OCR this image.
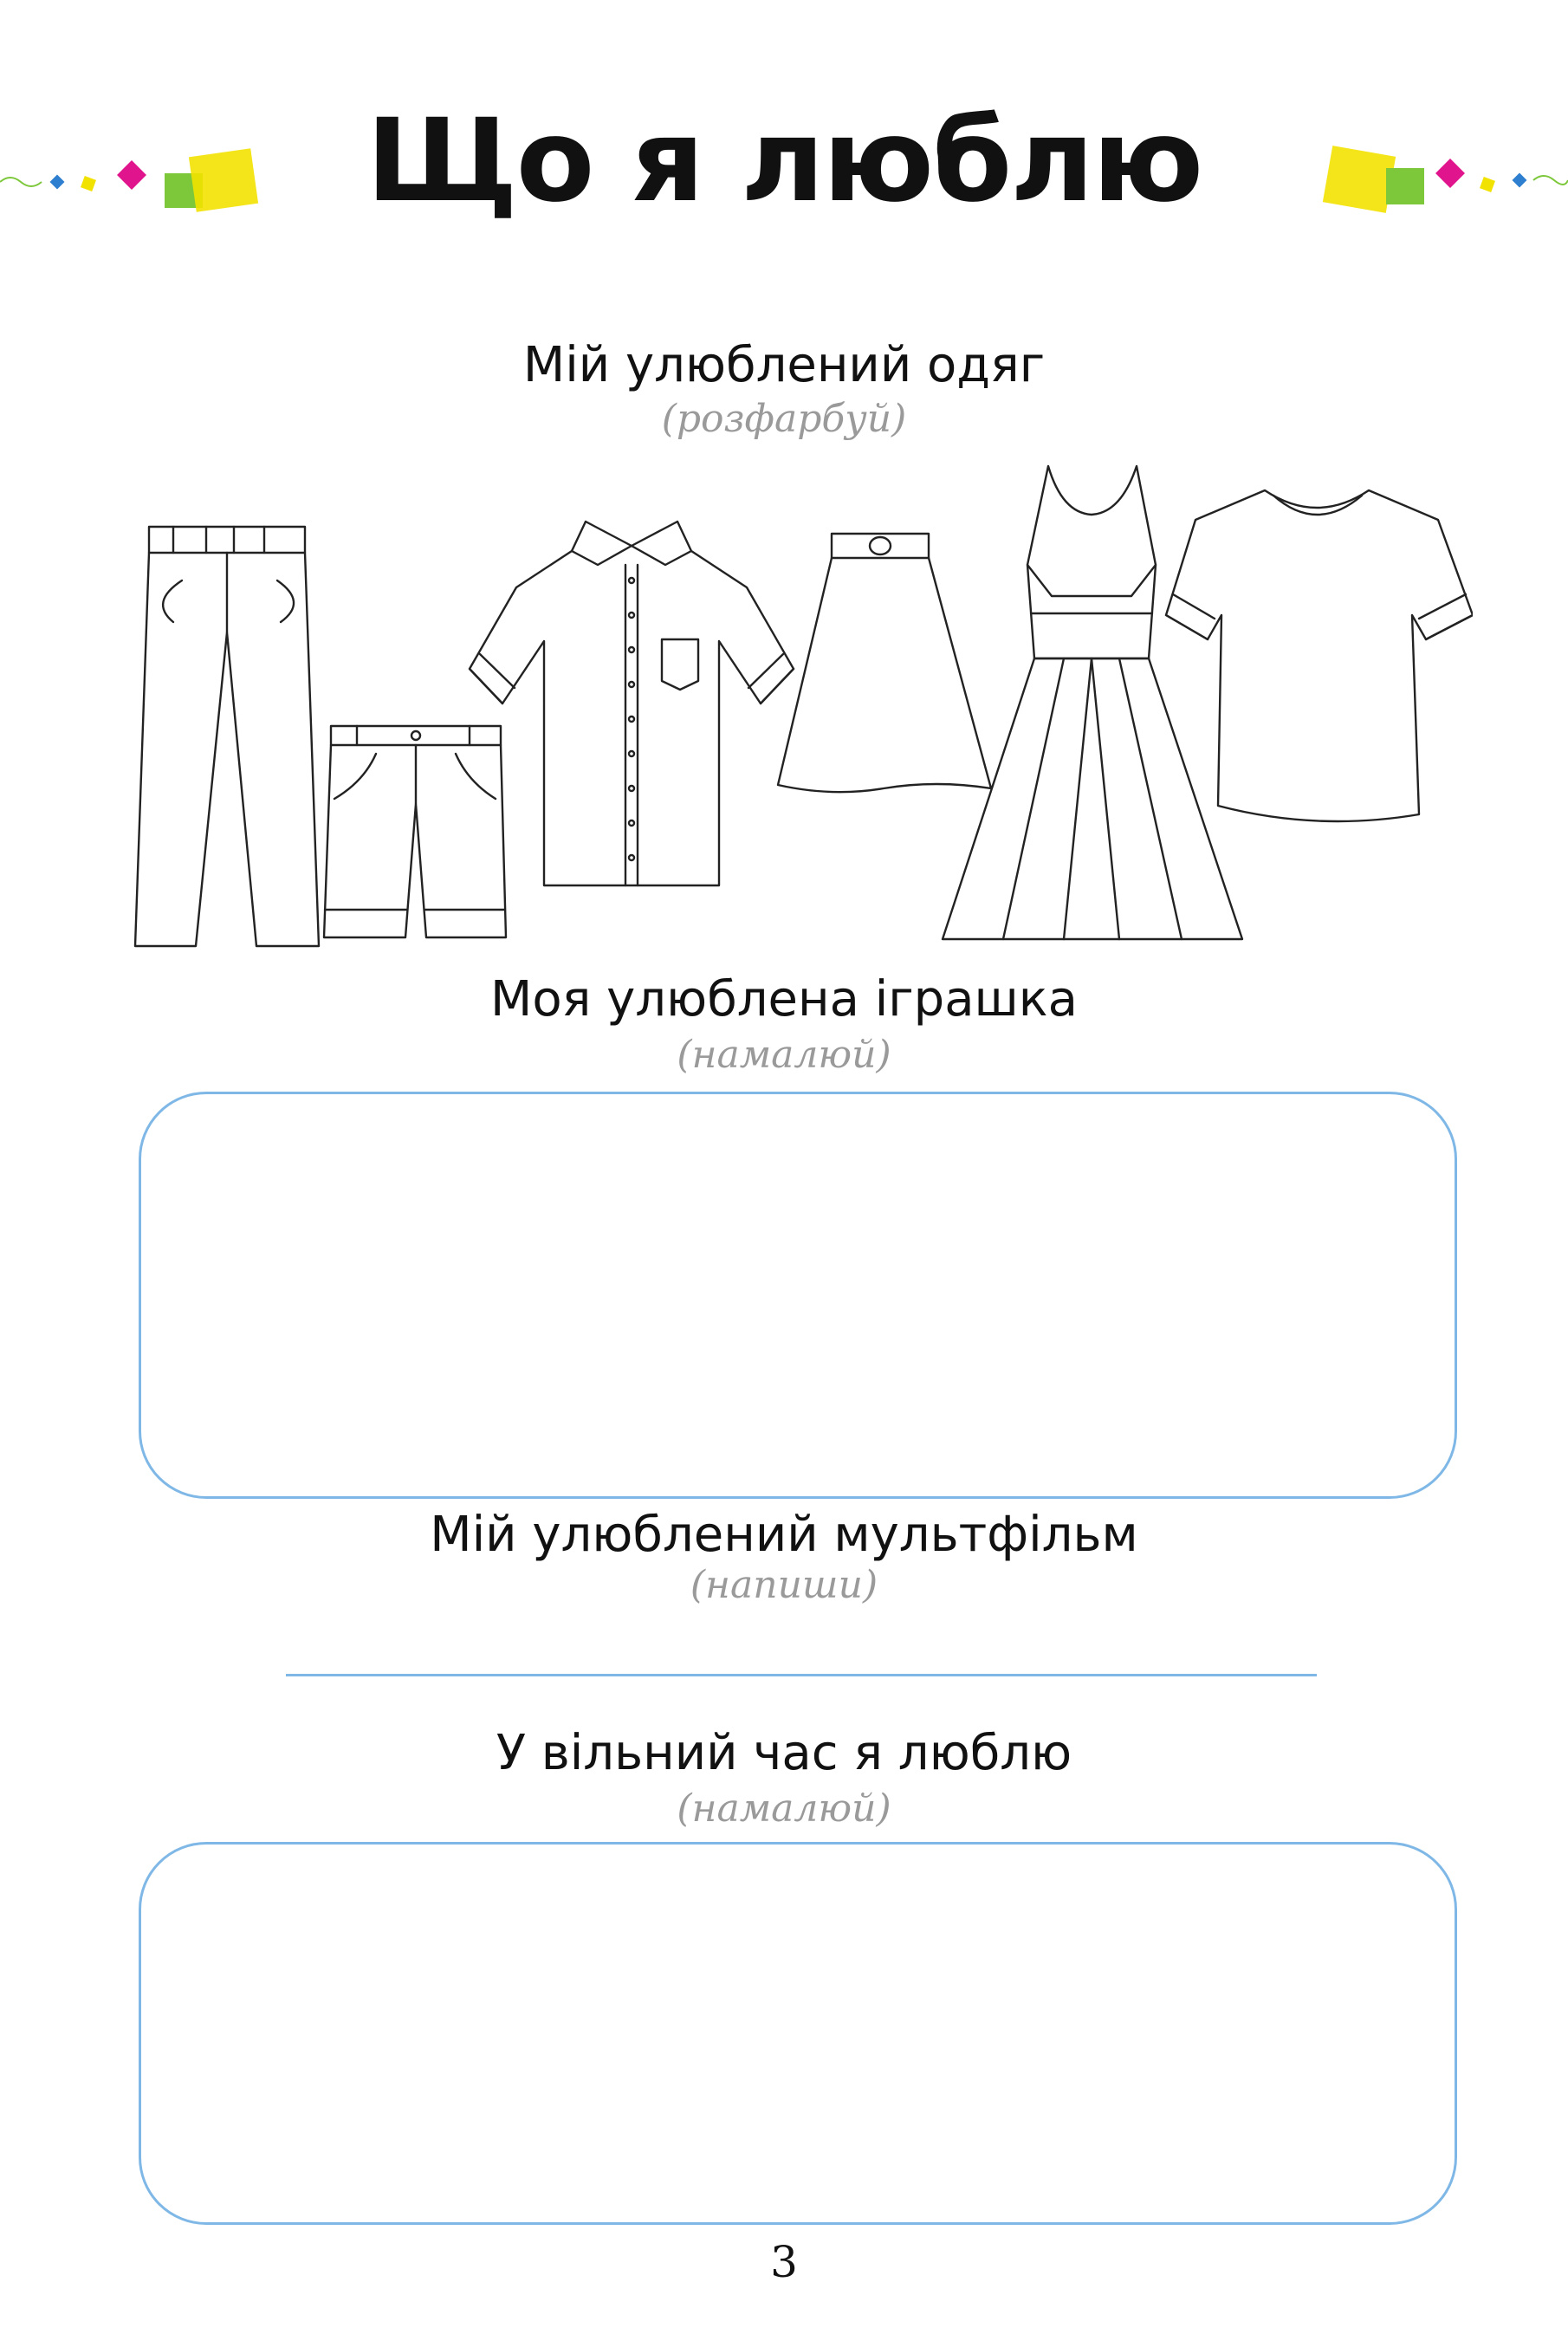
Що я люблю
Мій улюблений одяг
(розфарбуй)
Моя улюблена іграшка
(намалюй)
Мій улюблений мультфільм
(напиши)
У вільний час я люблю
(намалюй)
3
